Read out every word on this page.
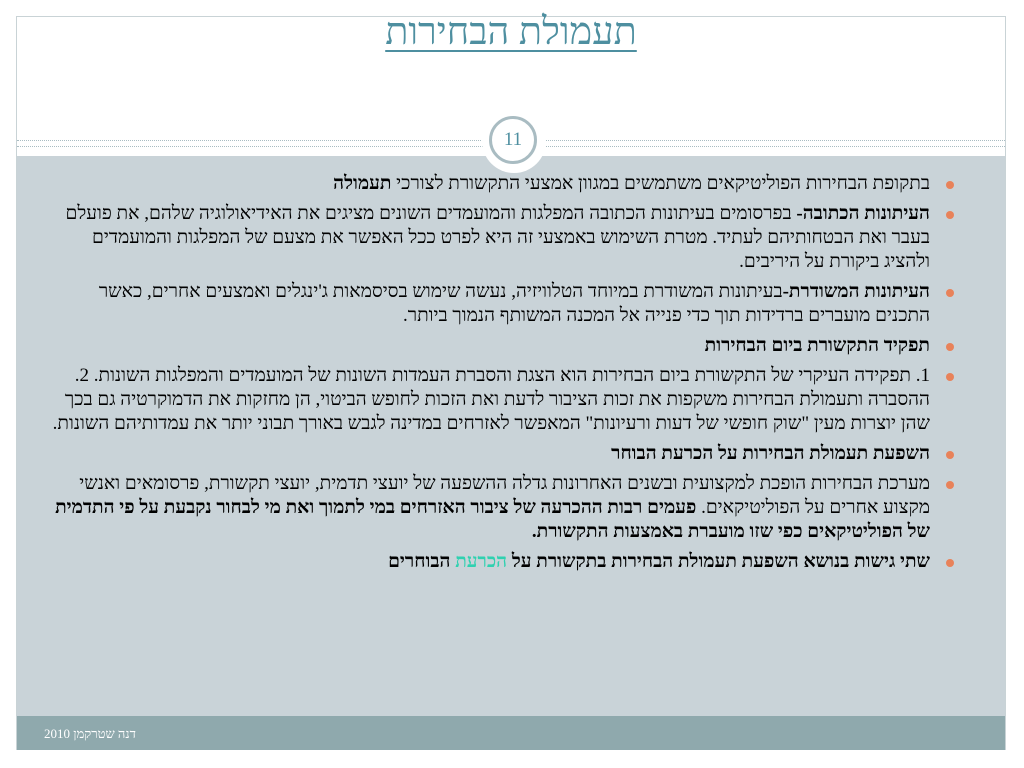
תעמולת הבחירות
11
בתקופת הבחירות הפוליטיקאים משתמשים במגוון אמצעי התקשורת לצורכי תעמולה
העיתונות הכתובה- בפרסומים בעיתונות הכתובה המפלגות והמועמדים השונים מציגים את האידיאולוגיה שלהם, את פועלם בעבר ואת הבטחותיהם לעתיד. מטרת השימוש באמצעי זה היא לפרט ככל האפשר את מצעם של המפלגות והמועמדים ולהציג ביקורת על היריבים.
העיתונות המשודרת-בעיתונות המשודרת במיוחד הטלוויזיה, נעשה שימוש בסיסמאות ג'ינגלים ואמצעים אחרים, כאשר התכנים מועברים ברדידות תוך כדי פנייה אל המכנה המשותף הנמוך ביותר.
תפקיד התקשורת ביום הבחירות
1. תפקידה העיקרי של התקשורת ביום הבחירות הוא הצגת והסברת העמדות השונות של המועמדים והמפלגות השונות. 2. ההסברה ותעמולת הבחירות משקפות את זכות הציבור לדעת ואת הזכות לחופש הביטוי, הן מחזקות את הדמוקרטיה גם בכך שהן יוצרות מעין "שוק חופשי של דעות ורעיונות" המאפשר לאזרחים במדינה לגבש באורך תבוני יותר את עמדותיהם השונות.
השפעת תעמולת הבחירות על הכרעת הבוחר
מערכת הבחירות הופכת למקצועית ובשנים האחרונות גדלה ההשפעה של יועצי תדמית, יועצי תקשורת, פרסומאים ואנשי מקצוע אחרים על הפוליטיקאים. פעמים רבות ההכרעה של ציבור האזרחים במי לתמוך ואת מי לבחור נקבעת על פי התדמית של הפוליטיקאים כפי שזו מועברת באמצעות התקשורת.
שתי גישות בנושא השפעת תעמולת הבחירות בתקשורת על הכרעת הבוחרים
דנה שטרקמן 2010
